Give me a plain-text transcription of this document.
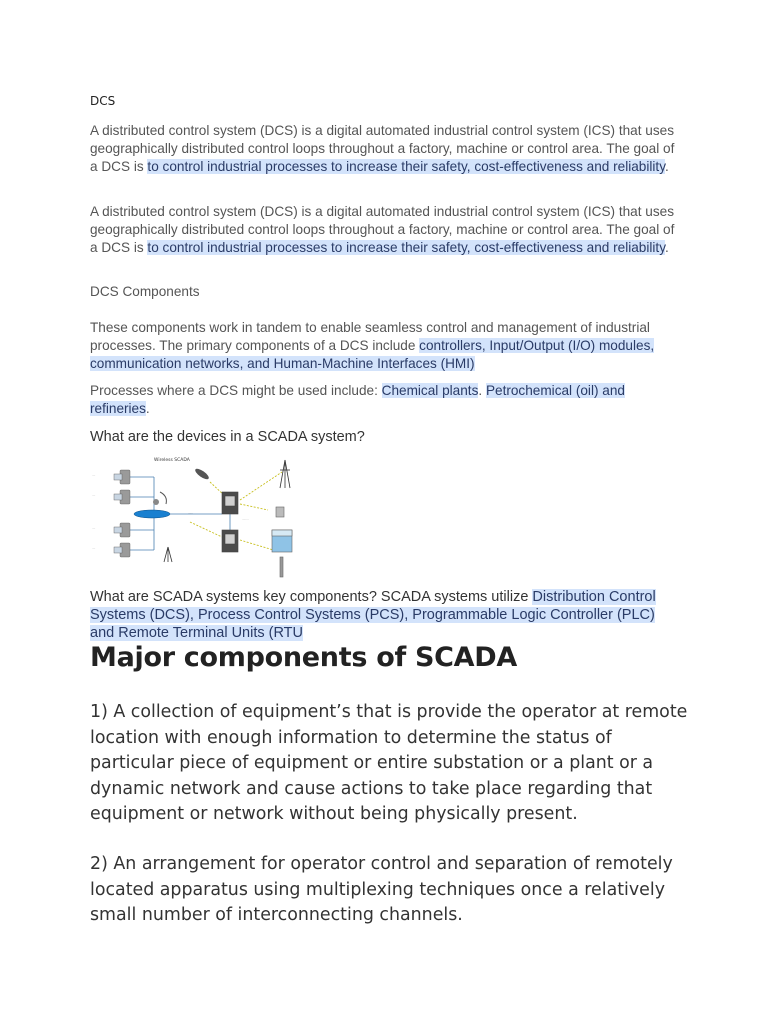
DCS
A distributed control system (DCS) is a digital automated industrial control system (ICS) that uses geographically distributed control loops throughout a factory, machine or control area. The goal of a DCS is to control industrial processes to increase their safety, cost-effectiveness and reliability.
A distributed control system (DCS) is a digital automated industrial control system (ICS) that uses geographically distributed control loops throughout a factory, machine or control area. The goal of a DCS is to control industrial processes to increase their safety, cost-effectiveness and reliability.
DCS Components
These components work in tandem to enable seamless control and management of industrial processes. The primary components of a DCS include controllers, Input/Output (I/O) modules, communication networks, and Human-Machine Interfaces (HMI)
Processes where a DCS might be used include: Chemical plants. Petrochemical (oil) and refineries.
What are the devices in a SCADA system?
Wireless SCADA
····
····
····
····
········
······
What are SCADA systems key components? SCADA systems utilize Distribution Control Systems (DCS), Process Control Systems (PCS), Programmable Logic Controller (PLC) and Remote Terminal Units (RTU
Major components of SCADA
1) A collection of equipment’s that is provide the operator at remote location with enough information to determine the status of particular piece of equipment or entire substation or a plant or a dynamic network and cause actions to take place regarding that equipment or network without being physically present.
2) An arrangement for operator control and separation of remotely located apparatus using multiplexing techniques once a relatively small number of interconnecting channels.
